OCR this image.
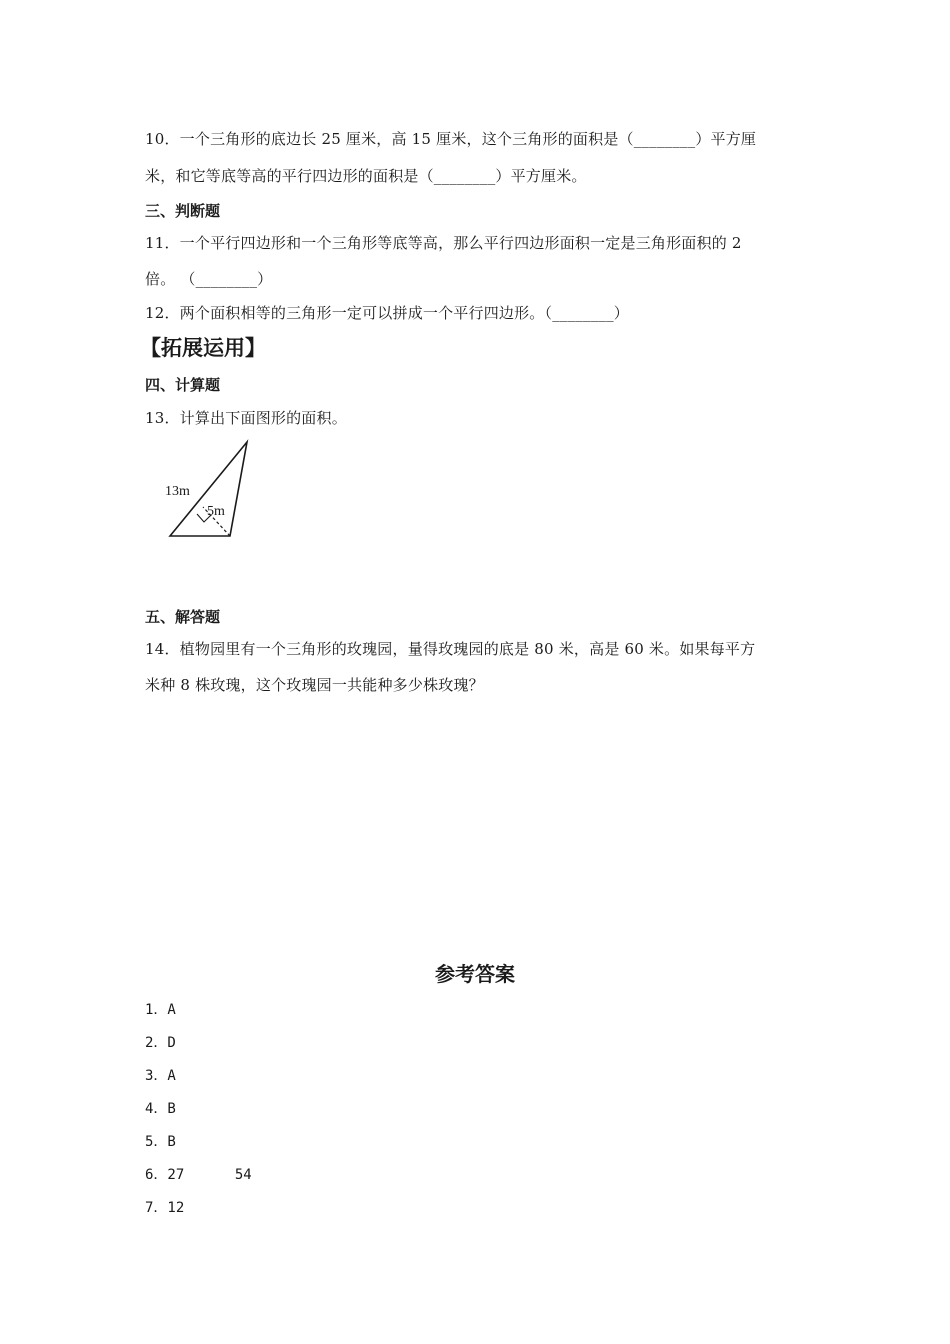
10．一个三角形的底边长 25 厘米，高 15 厘米，这个三角形的面积是（________）平方厘
米，和它等底等高的平行四边形的面积是（________）平方厘米。
三、判断题
11．一个平行四边形和一个三角形等底等高，那么平行四边形面积一定是三角形面积的 2
倍。 （________）
12．两个面积相等的三角形一定可以拼成一个平行四边形。（________）
【拓展运用】
四、计算题
13．计算出下面图形的面积。
13m
5m
五、解答题
14．植物园里有一个三角形的玫瑰园，量得玫瑰园的底是 80 米，高是 60 米。如果每平方
米种 8 株玫瑰，这个玫瑰园一共能种多少株玫瑰？
参考答案
1．A
2．D
3．A
4．B
5．B
6．27      54
7．12
